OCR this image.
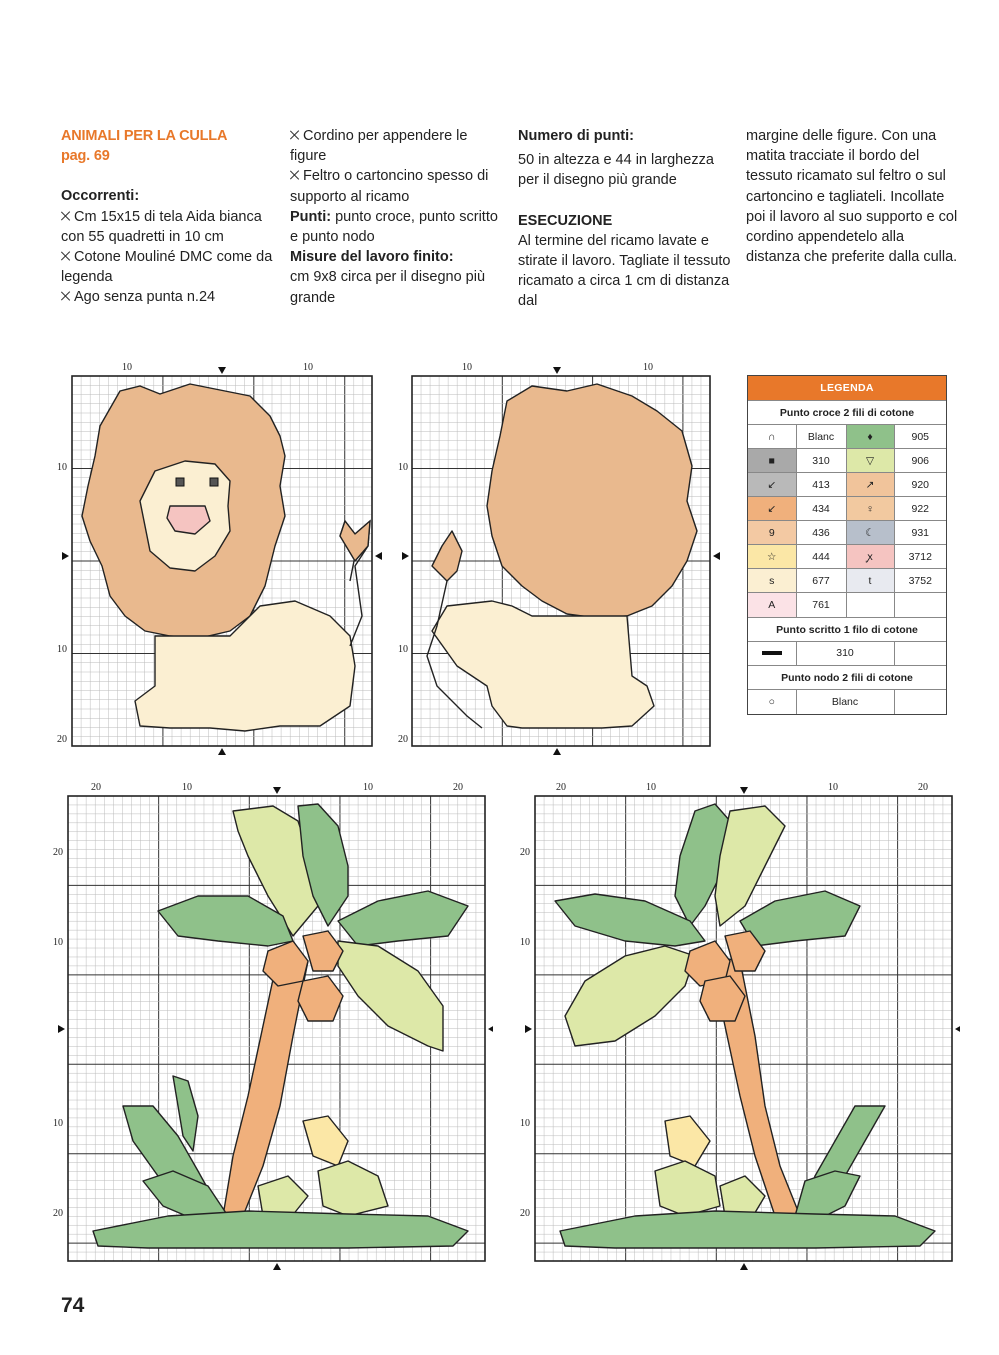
ANIMALI PER LA CULLA
pag. 69
Occorrenti:
Cm 15x15 di tela Aida bianca con 55 quadretti in 10 cm
Cotone Mouliné DMC come da legenda
Ago senza punta n.24
Cordino per appendere le figure
Feltro o cartoncino spesso di supporto al ricamo
Punti: punto croce, punto scritto e punto nodo
Misure del lavoro finito:
cm 9x8 circa per il disegno più grande
Numero di punti:
50 in altezza e 44 in larghezza per il disegno più grande
ESECUZIONE
Al termine del ricamo lavate e stirate il lavoro. Tagliate il tessuto ricamato a circa 1 cm di distanza dal
margine delle figure. Con una matita tracciate il bordo del tessuto ricamato sul feltro o sul cartoncino e tagliateli. Incollate poi il lavoro al suo supporto e col cordino appendetelo alla distanza che preferite dalla culla.
10	10
10
10
20
10	10
10
10
20
20	10	10	20
20
10
10
20
20	10	10	20
20
10
10
20
LEGENDA
Punto croce 2 fili di cotone
∩	Blanc	♦	905
■	310	▽	906
↙	413	↗	920
↙	434	♀	922
9	436	☾	931
☆	444	ꭙ	3712
s	677	t	3752
A	761		
Punto scritto 1 filo di cotone
	310	
Punto nodo 2 fili di cotone
○	Blanc	
74
